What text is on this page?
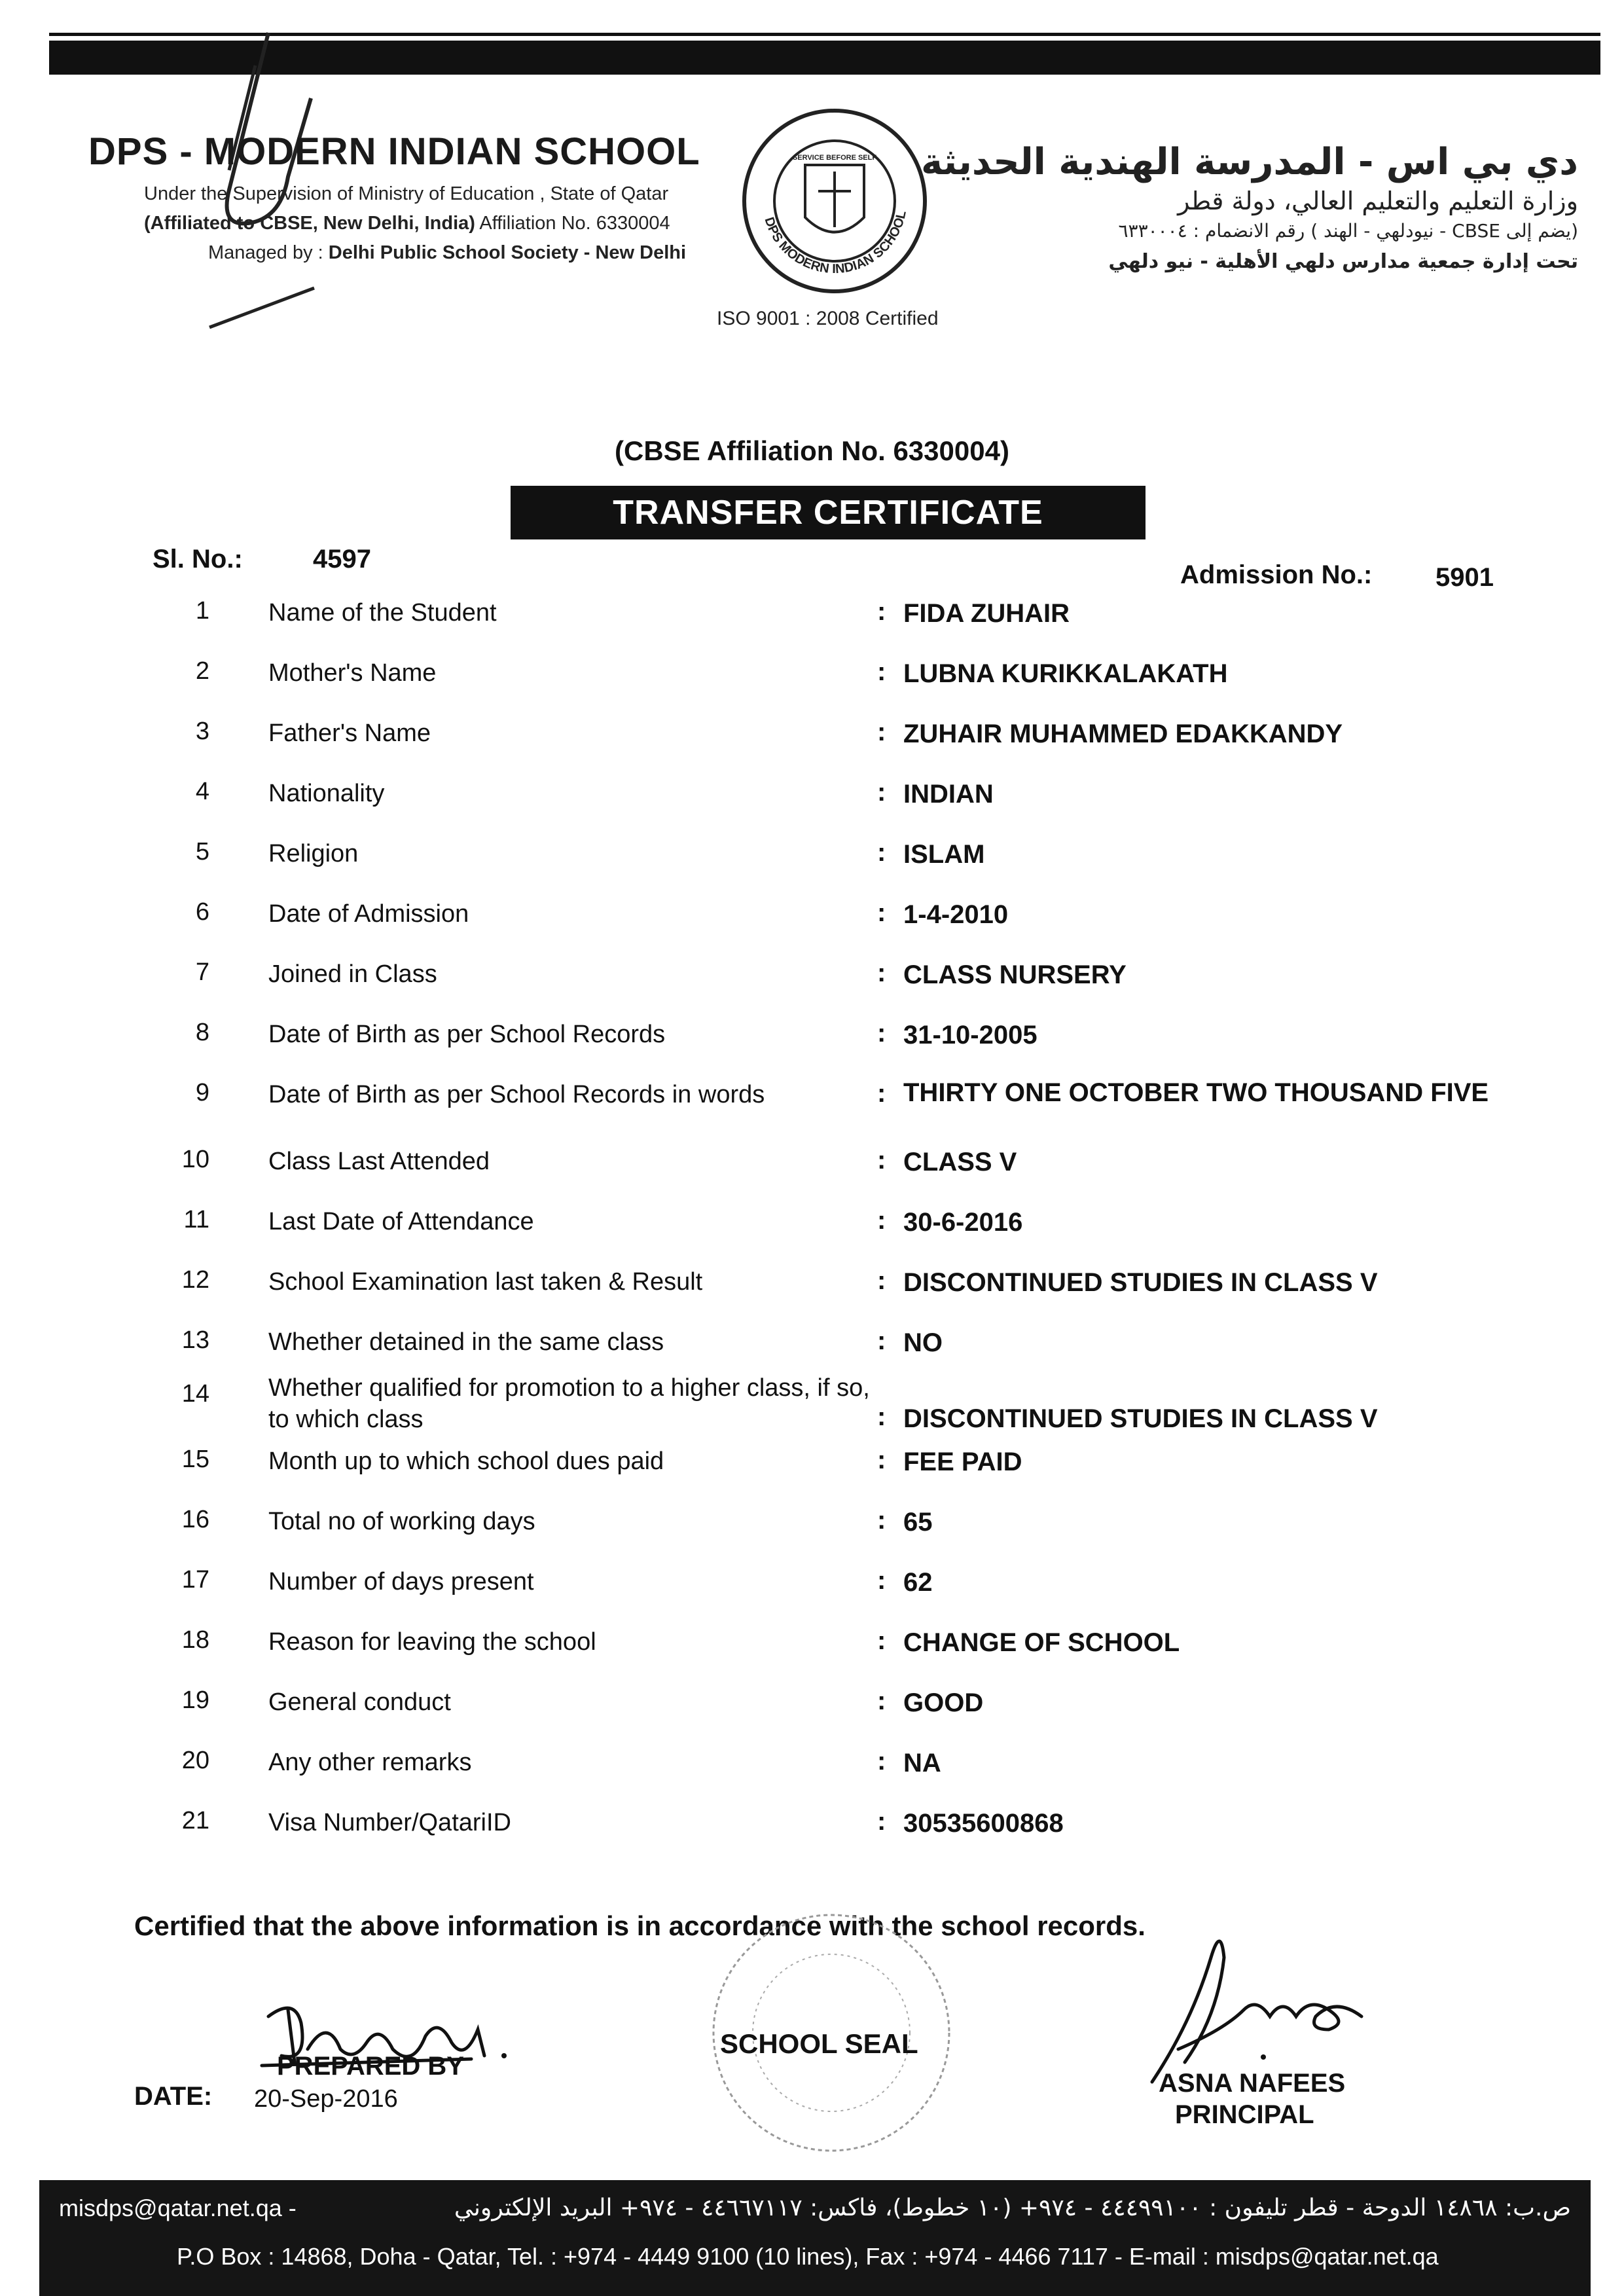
DPS - MODERN INDIAN SCHOOL
Under the Supervision of Ministry of Education , State of Qatar
(Affiliated to CBSE, New Delhi, India) Affiliation No. 6330004
Managed by : Delhi Public School Society - New Delhi
DPS MODERN INDIAN SCHOOL
SERVICE BEFORE SELF
ISO 9001 : 2008 Certified
دي بي اس - المدرسة الهندية الحديثة
وزارة التعليم والتعليم العالي، دولة قطر
(يضم إلى CBSE - نيودلهي - الهند ) رقم الانضمام : ٦٣٣٠٠٠٤
تحت إدارة جمعية مدارس دلهي الأهلية - نيو دلهي
(CBSE Affiliation No. 6330004)
TRANSFER CERTIFICATE
Sl. No.:	4597
Admission No.: 5901
1 Name of the Student	: FIDA ZUHAIR
2 Mother's Name	: LUBNA KURIKKALAKATH
3 Father's Name	: ZUHAIR MUHAMMED EDAKKANDY
4 Nationality	: INDIAN
5 Religion	: ISLAM
6 Date of Admission	: 1-4-2010
7 Joined in Class	: CLASS NURSERY
8 Date of Birth as per School Records	: 31-10-2005
9 Date of Birth as per School Records in words	: THIRTY ONE OCTOBER TWO THOUSAND FIVE
10 Class Last Attended	: CLASS V
11 Last Date of Attendance	: 30-6-2016
12 School Examination last taken & Result	: DISCONTINUED STUDIES IN CLASS V
13 Whether detained in the same class	: NO
14 Whether qualified for promotion to a higher class, if so, to which class	: DISCONTINUED STUDIES IN CLASS V
15 Month up to which school dues paid	: FEE PAID
16 Total no of working days	: 65
17 Number of days present	: 62
18 Reason for leaving the school	: CHANGE OF SCHOOL
19 General conduct	: GOOD
20 Any other remarks	: NA
21 Visa Number/QatariID	: 30535600868
Certified that the above information is in accordance with the school records.
PREPARED BY
DATE: 20-Sep-2016
SCHOOL SEAL
ASNA NAFEES
PRINCIPAL
misdps@qatar.net.qa -	ص.ب: ١٤٨٦٨ الدوحة - قطر تليفون : ٤٤٤٩٩١٠٠ - ٩٧٤+ (١٠ خطوط)، فاكس: ٤٤٦٦٧١١٧ - ٩٧٤+ البريد الإلكتروني
P.O Box : 14868, Doha - Qatar, Tel. : +974 - 4449 9100 (10 lines), Fax : +974 - 4466 7117 - E-mail : misdps@qatar.net.qa
